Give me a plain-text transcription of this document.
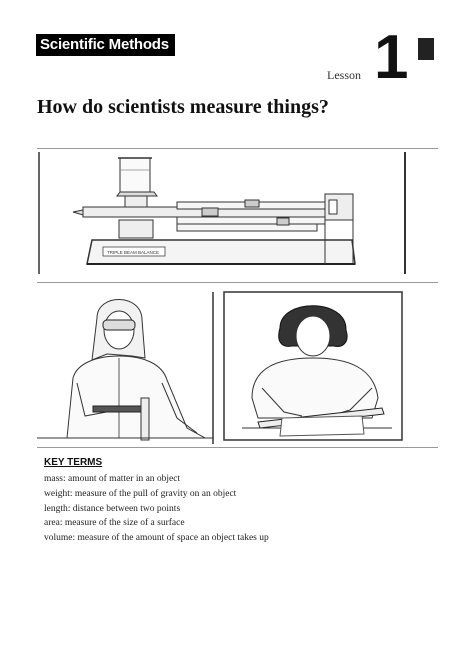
Scientific Methods
Lesson 1
How do scientists measure things?
TRIPLE BEAM BALANCE
KEY TERMS
mass: amount of matter in an object
weight: measure of the pull of gravity on an object
length: distance between two points
area: measure of the size of a surface
volume: measure of the amount of space an object takes up
